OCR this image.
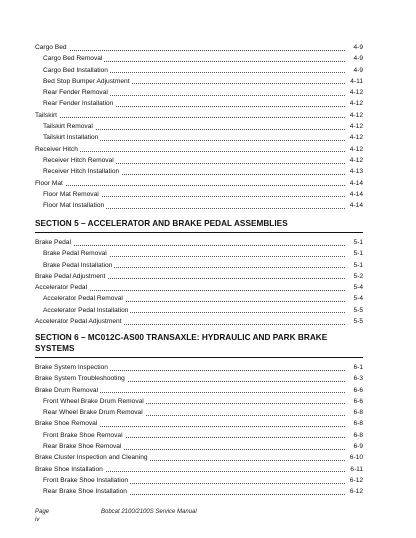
Cargo Bed	4-9
Cargo Bed Removal	4-9
Cargo Bed Installation	4-9
Bed Stop Bumper Adjustment	4-11
Rear Fender Removal	4-12
Rear Fender Installation	4-12
Tailskirt	4-12
Tailskirt Removal	4-12
Tailskirt Installation	4-12
Receiver Hitch	4-12
Receiver Hitch Removal	4-12
Receiver Hitch Installation	4-13
Floor Mat	4-14
Floor Mat Removal	4-14
Floor Mat Installation	4-14
SECTION 5 – ACCELERATOR AND BRAKE PEDAL ASSEMBLIES
Brake Pedal	5-1
Brake Pedal Removal	5-1
Brake Pedal Installation	5-1
Brake Pedal Adjustment	5-2
Accelerator Pedal	5-4
Accelerator Pedal Removal	5-4
Accelerator Pedal Installation	5-5
Accelerator Pedal Adjustment	5-5
SECTION 6 – MC012C-AS00 TRANSAXLE: HYDRAULIC AND PARK BRAKE
SYSTEMS
Brake System Inspection	6-1
Brake System Troubleshooting	6-3
Brake Drum Removal	6-6
Front Wheel Brake Drum Removal	6-6
Rear Wheel Brake Drum Removal	6-8
Brake Shoe Removal	6-8
Front Brake Shoe Removal	6-8
Rear Brake Shoe Removal	6-9
Brake Cluster Inspection and Cleaning	6-10
Brake Shoe Installation	6-11
Front Brake Shoe Installation	6-12
Rear Brake Shoe Installation	6-12
Page iv
Bobcat 2100/2100S Service Manual
